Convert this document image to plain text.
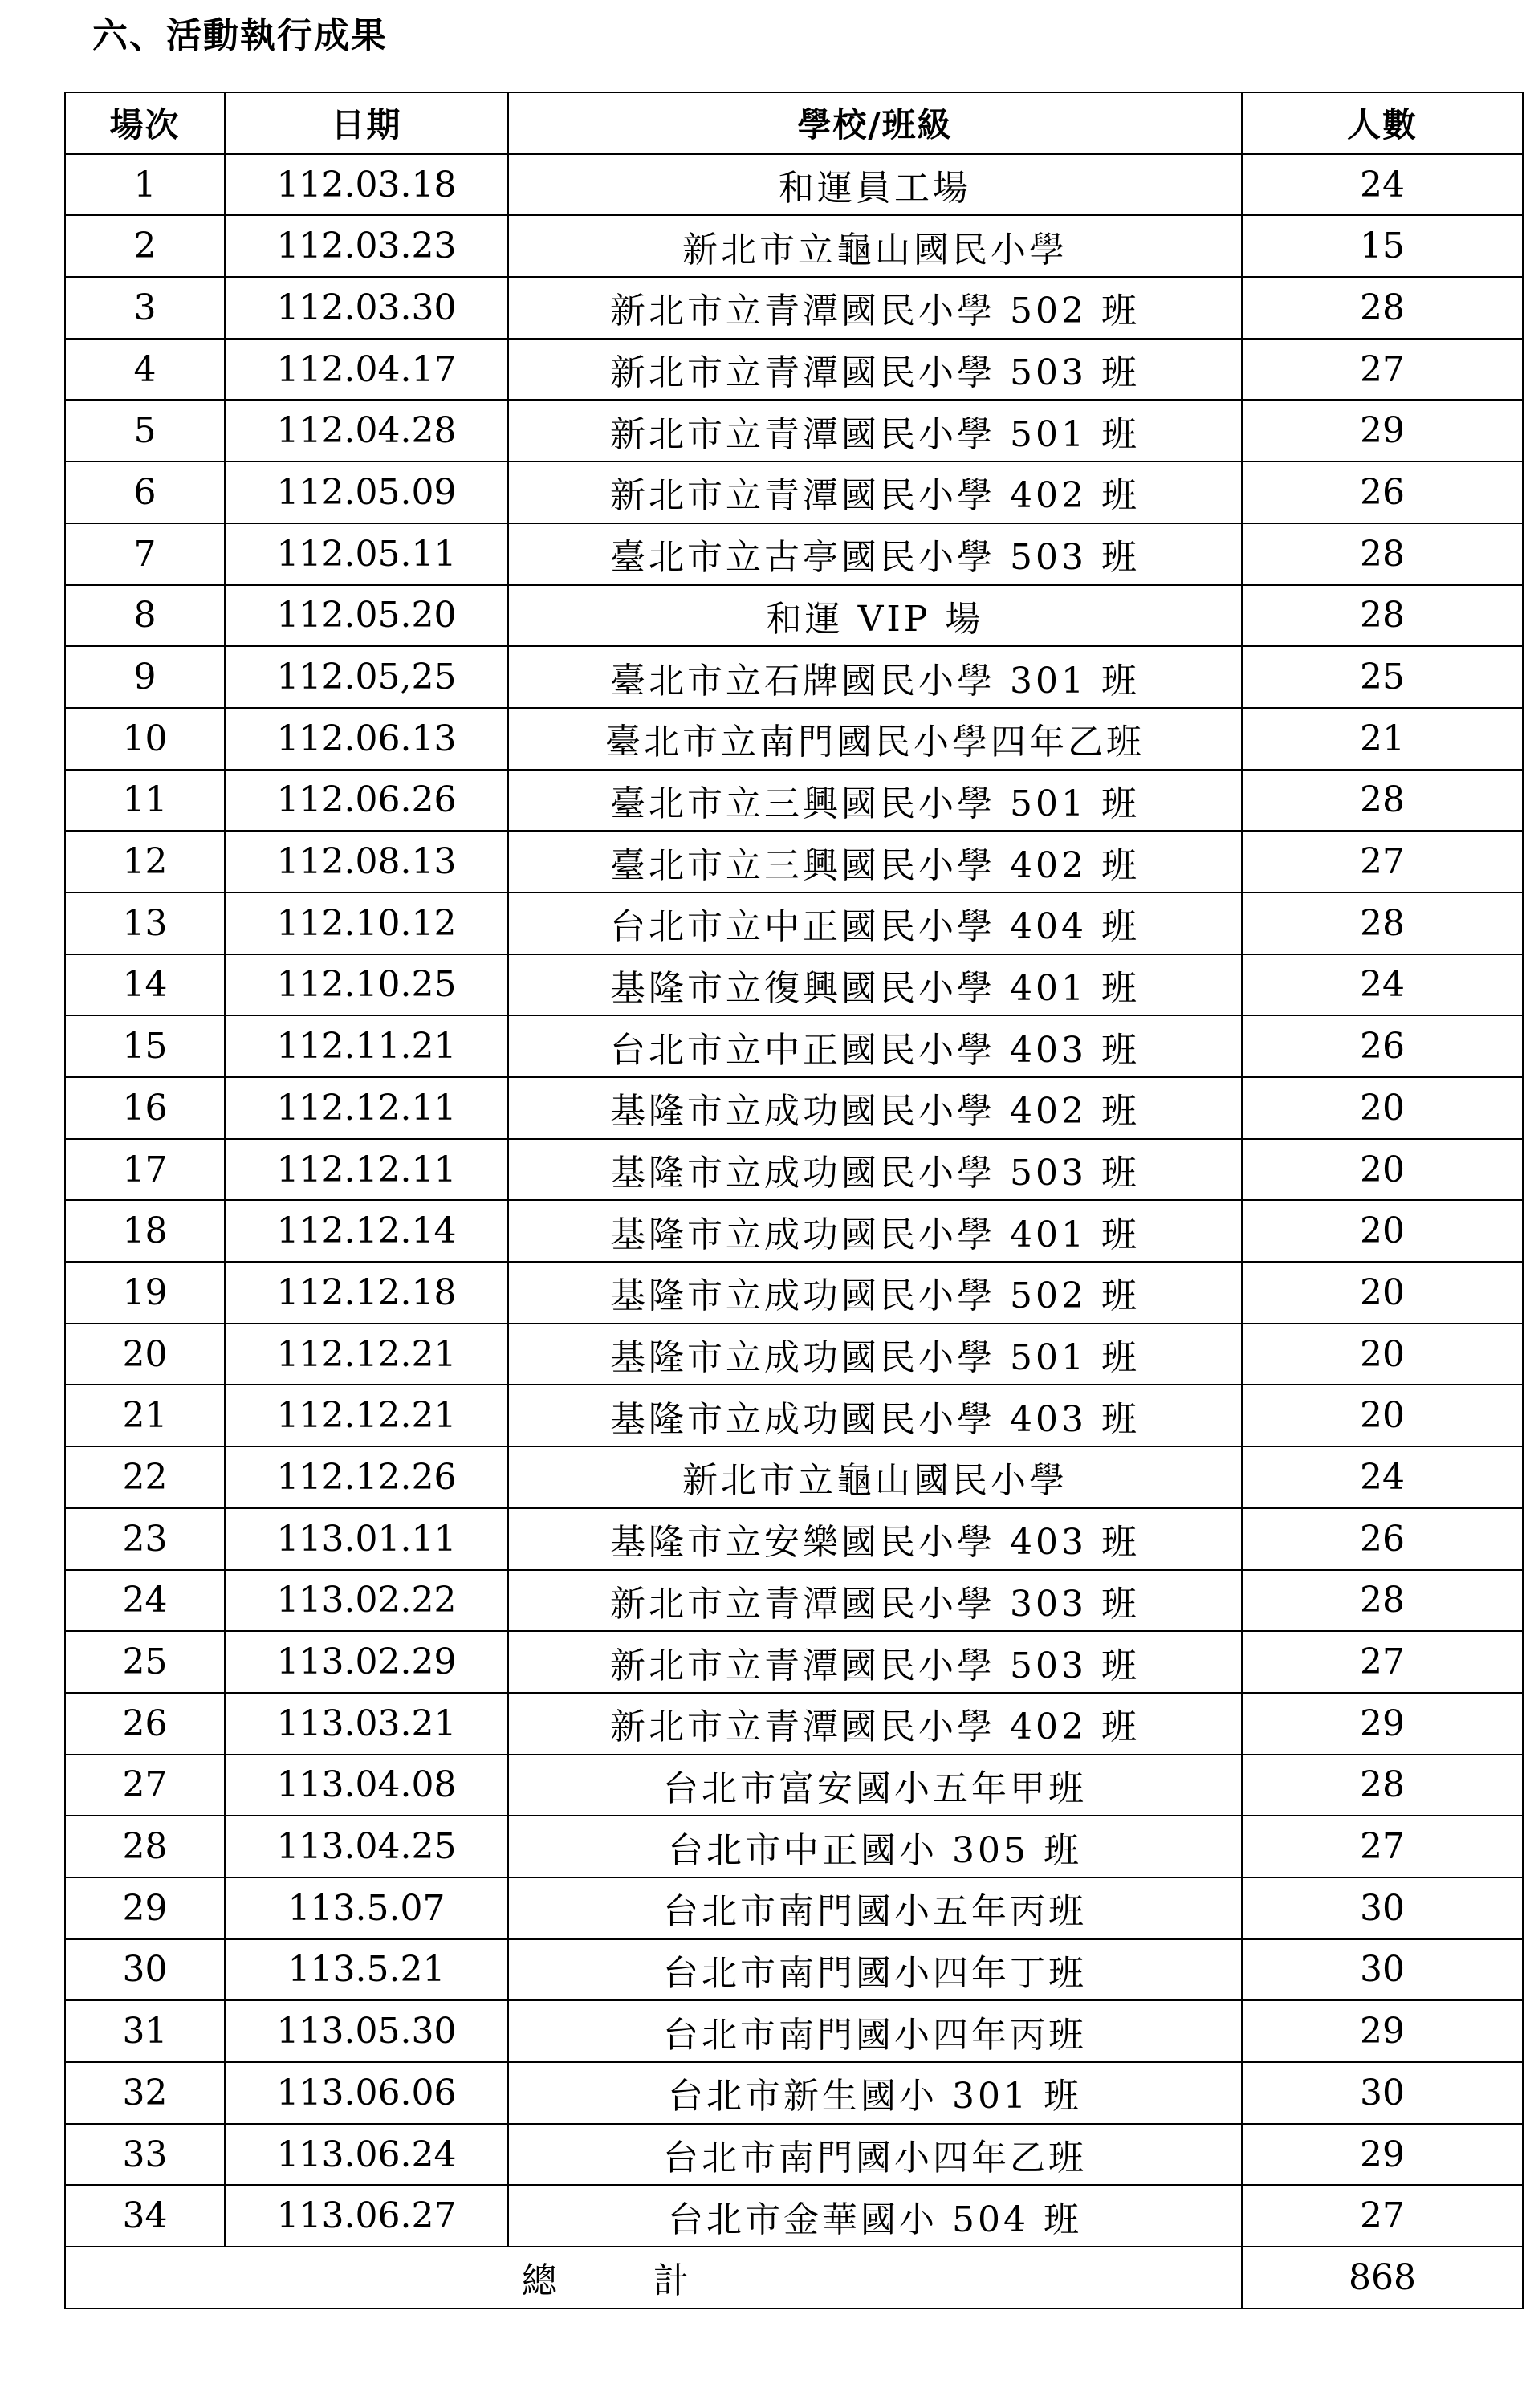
六、活動執行成果
場次	日期	學校/班級	人數
1	112.03.18	和運員工場	24
2	112.03.23	新北市立龜山國民小學	15
3	112.03.30	新北市立青潭國民小學 502 班	28
4	112.04.17	新北市立青潭國民小學 503 班	27
5	112.04.28	新北市立青潭國民小學 501 班	29
6	112.05.09	新北市立青潭國民小學 402 班	26
7	112.05.11	臺北市立古亭國民小學 503 班	28
8	112.05.20	和運 VIP 場	28
9	112.05,25	臺北市立石牌國民小學 301 班	25
10	112.06.13	臺北市立南門國民小學四年乙班	21
11	112.06.26	臺北市立三興國民小學 501 班	28
12	112.08.13	臺北市立三興國民小學 402 班	27
13	112.10.12	台北市立中正國民小學 404 班	28
14	112.10.25	基隆市立復興國民小學 401 班	24
15	112.11.21	台北市立中正國民小學 403 班	26
16	112.12.11	基隆市立成功國民小學 402 班	20
17	112.12.11	基隆市立成功國民小學 503 班	20
18	112.12.14	基隆市立成功國民小學 401 班	20
19	112.12.18	基隆市立成功國民小學 502 班	20
20	112.12.21	基隆市立成功國民小學 501 班	20
21	112.12.21	基隆市立成功國民小學 403 班	20
22	112.12.26	新北市立龜山國民小學	24
23	113.01.11	基隆市立安樂國民小學 403 班	26
24	113.02.22	新北市立青潭國民小學 303 班	28
25	113.02.29	新北市立青潭國民小學 503 班	27
26	113.03.21	新北市立青潭國民小學 402 班	29
27	113.04.08	台北市富安國小五年甲班	28
28	113.04.25	台北市中正國小 305 班	27
29	113.5.07	台北市南門國小五年丙班	30
30	113.5.21	台北市南門國小四年丁班	30
31	113.05.30	台北市南門國小四年丙班	29
32	113.06.06	台北市新生國小 301 班	30
33	113.06.24	台北市南門國小四年乙班	29
34	113.06.27	台北市金華國小 504 班	27
總計			868
